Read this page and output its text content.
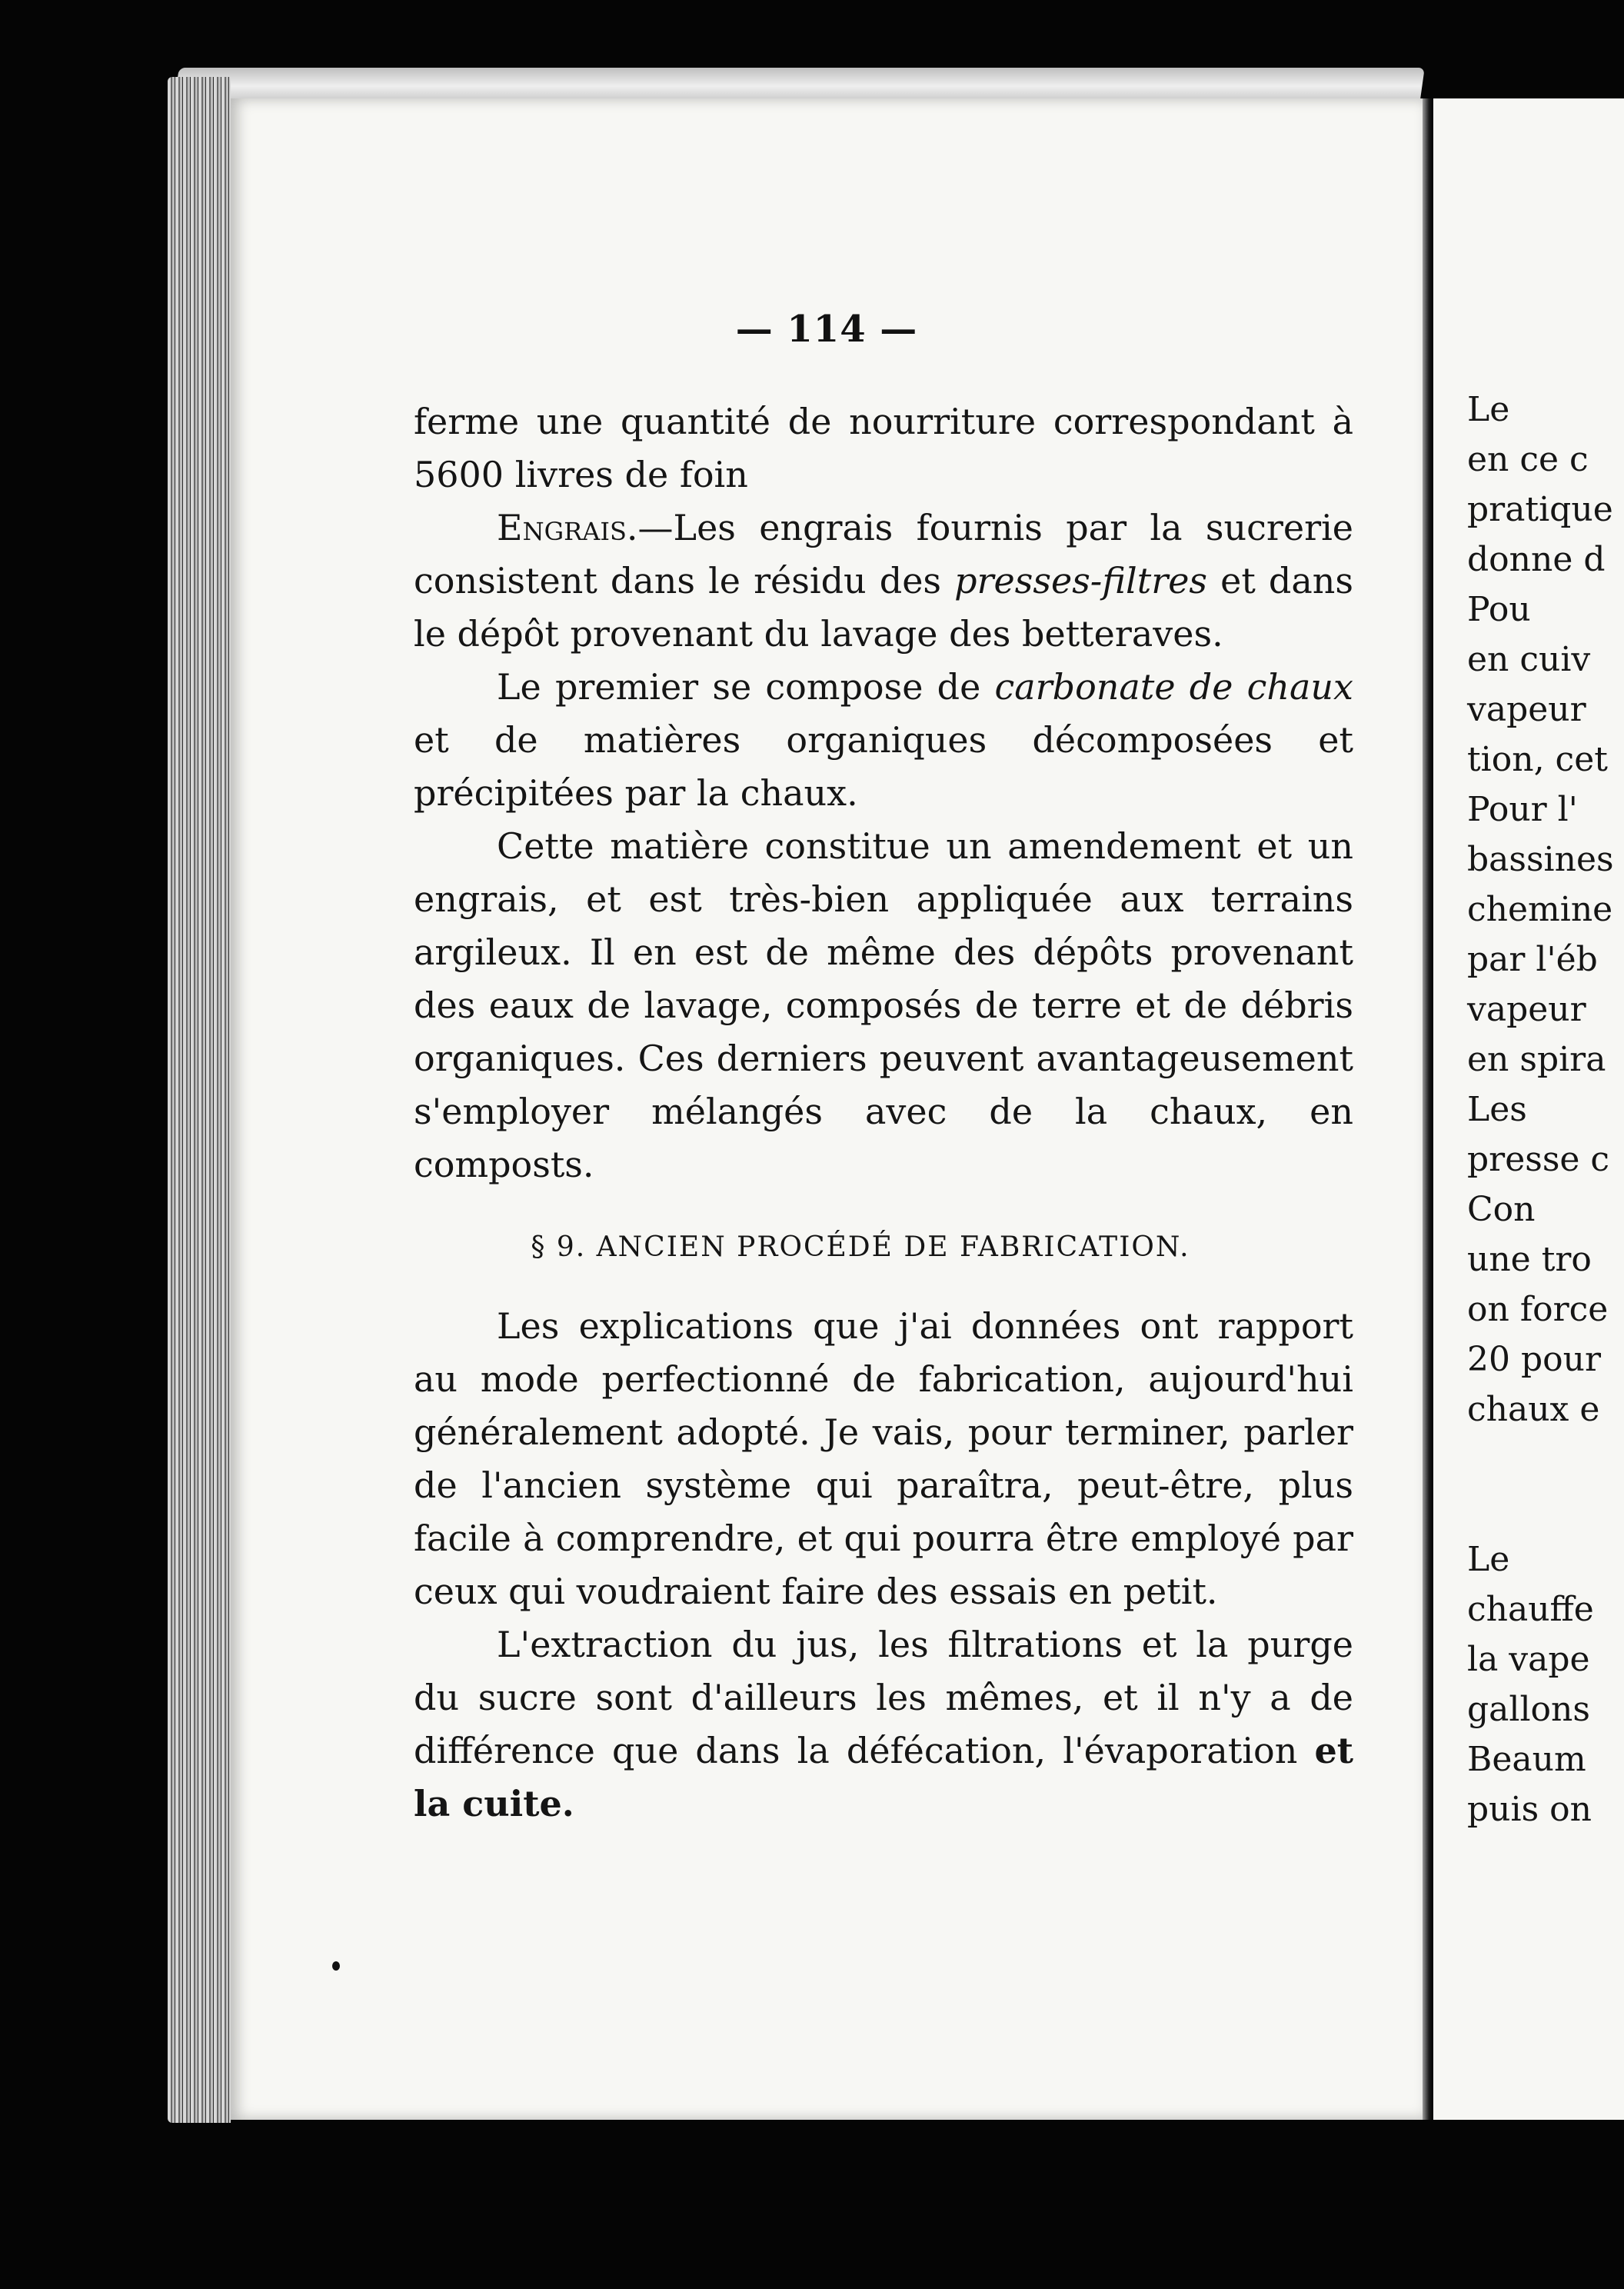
— 114 —

ferme une quantité de nourriture correspondant à 5600 livres de foin

Engrais.—Les engrais fournis par la sucrerie consistent dans le résidu des presses-filtres et dans le dépôt provenant du lavage des betteraves.

Le premier se compose de carbonate de chaux et de matières organiques décomposées et précipitées par la chaux.

Cette matière constitue un amendement et un engrais, et est très-bien appliquée aux terrains argileux. Il en est de même des dépôts provenant des eaux de lavage, composés de terre et de débris organiques. Ces derniers peuvent avantageusement s'employer mélangés avec de la chaux, en composts.

§ 9. ANCIEN PROCÉDÉ DE FABRICATION.

Les explications que j'ai données ont rapport au mode perfectionné de fabrication, aujourd'hui généralement adopté. Je vais, pour terminer, parler de l'ancien système qui paraîtra, peut-être, plus facile à comprendre, et qui pourra être employé par ceux qui voudraient faire des essais en petit.

L'extraction du jus, les filtrations et la purge du sucre sont d'ailleurs les mêmes, et il n'y a de différence que dans la défécation, l'évaporation et la cuite.

Le
en ce c
pratique
donne d
Pou
en cuiv
vapeur
tion, cet
Pour l'
bassines
chemine
par l'éb
vapeur
en spira
Les
presse c
Con
une tro
on force
20 pour
chaux e
Le
chauffe
la vape
gallons
Beaum
puis on
